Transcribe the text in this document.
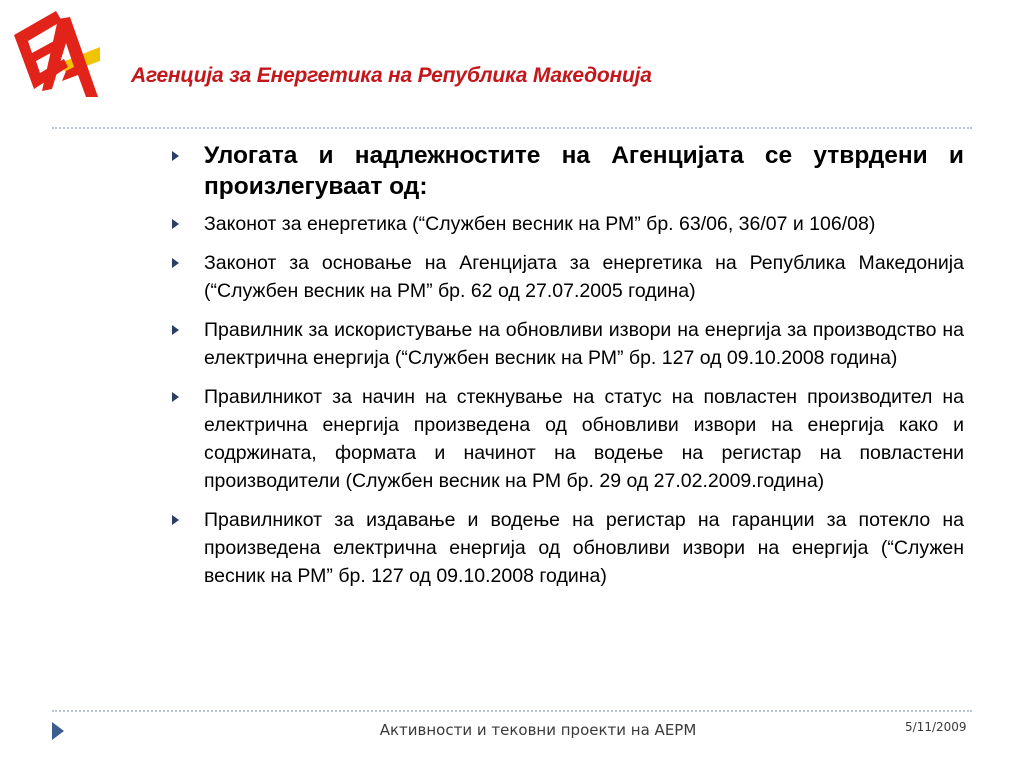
Агенција за Енергетика на Република Македонија
Улогата и надлежностите на Агенцијата се утврдени и произлегуваат од:
Законот за енергетика (“Службен весник на РМ” бр. 63/06, 36/07 и 106/08)
Законот за основање на Агенцијата за енергетика на Република Македонија (“Службен весник на РМ” бр. 62 од 27.07.2005 година)
Правилник за искористување на обновливи извори на енергија за производство на електрична енергија (“Службен весник на РМ” бр. 127 од 09.10.2008 година)
Правилникот за начин на стекнување на статус на повластен производител на електрична енергија произведена од обновливи извори на енергија како и содржината, формата и начинот на водење на регистар на повластени производители (Службен весник на РМ бр. 29 од 27.02.2009.година)
Правилникот за издавање и водење на регистар на гаранции за потекло на произведена електрична енергија од обновливи извори на енергија (“Служен весник на РМ” бр. 127 од 09.10.2008 година)
Активности и тековни проекти на АЕРМ	5/11/2009
